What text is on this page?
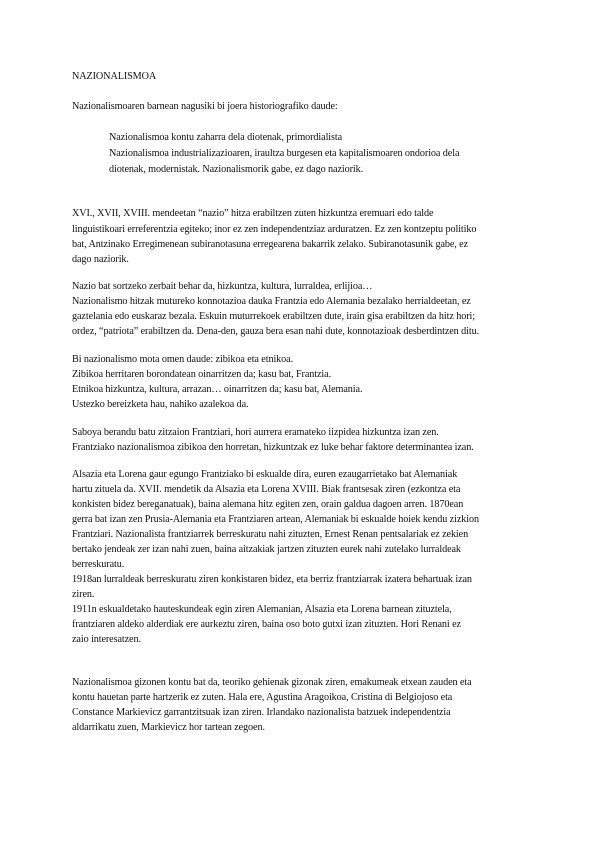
NAZIONALISMOA
Nazionalismoaren barnean nagusiki bi joera historiografiko daude:
Nazionalismoa kontu zaharra dela diotenak, primordialista
Nazionalismoa industrializazioaren, iraultza burgesen eta kapitalismoaren ondorioa dela
diotenak, modernistak. Nazionalismorik gabe, ez dago naziorik.
XVI., XVII, XVIII. mendeetan “nazio” hitza erabiltzen zuten hizkuntza eremuari edo talde
linguistikoari erreferentzia egiteko; inor ez zen independentziaz arduratzen. Ez zen kontzeptu politiko
bat, Antzinako Erregimenean subiranotasuna erregearena bakarrik zelako. Subiranotasunik gabe, ez
dago naziorik.
Nazio bat sortzeko zerbait behar da, hizkuntza, kultura, lurraldea, erlijioa…
Nazionalismo hitzak mutureko konnotazioa dauka Frantzia edo Alemania bezalako herrialdeetan, ez
gaztelania edo euskaraz bezala. Eskuin muturrekoek erabiltzen dute, irain gisa erabiltzen da hitz hori;
ordez, “patriota” erabiltzen da. Dena-den, gauza bera esan nahi dute, konnotazioak desberdintzen ditu.
Bi nazionalismo mota omen daude: zibikoa eta etnikoa.
Zibikoa herritaren borondatean oinarritzen da; kasu bat, Frantzia.
Etnikoa hizkuntza, kultura, arrazan… oinarritzen da; kasu bat, Alemania.
Ustezko bereizketa hau, nahiko azalekoa da.
Saboya berandu batu zitzaion Frantziari, hori aurrera eramateko iizpidea hizkuntza izan zen.
Frantziako nazionalismoa zibikoa den horretan, hizkuntzak ez luke behar faktore determinantea izan.
Alsazia eta Lorena gaur egungo Frantziako bi eskualde dira, euren ezaugarrietako bat Alemaniak
hartu zituela da. XVII. mendetik da Alsazia eta Lorena XVIII. Biak frantsesak ziren (ezkontza eta
konkisten bidez bereganatuak), baina alemana hitz egiten zen, orain galdua dagoen arren. 1870ean
gerra bat izan zen Prusia-Alemania eta Frantziaren artean, Alemaniak bi eskualde hoiek kendu zizkion
Frantziari. Nazionalista frantziarrek berreskuratu nahi zituzten, Ernest Renan pentsalariak ez zekien
bertako jendeak zer izan nahi zuen, baina aitzakiak jartzen zituzten eurek nahi zutelako lurraldeak
berreskuratu.
1918an lurraldeak berreskuratu ziren konkistaren bidez, eta berriz frantziarrak izatera behartuak izan
ziren.
1911n eskualdetako hauteskundeak egin ziren Alemanian, Alsazia eta Lorena barnean zituztela,
frantziaren aldeko alderdiak ere aurkeztu ziren, baina oso boto gutxi izan zituzten. Hori Renani ez
zaio interesatzen.
Nazionalismoa gizonen kontu bat da, teoriko gehienak gizonak ziren, emakumeak etxean zauden eta
kontu hauetan parte hartzerik ez zuten. Hala ere, Agustina Aragoikoa, Cristina di Belgiojoso eta
Constance Markievicz garrantzitsuak izan ziren. Irlandako nazionalista batzuek independentzia
aldarrikatu zuen, Markievicz hor tartean zegoen.
